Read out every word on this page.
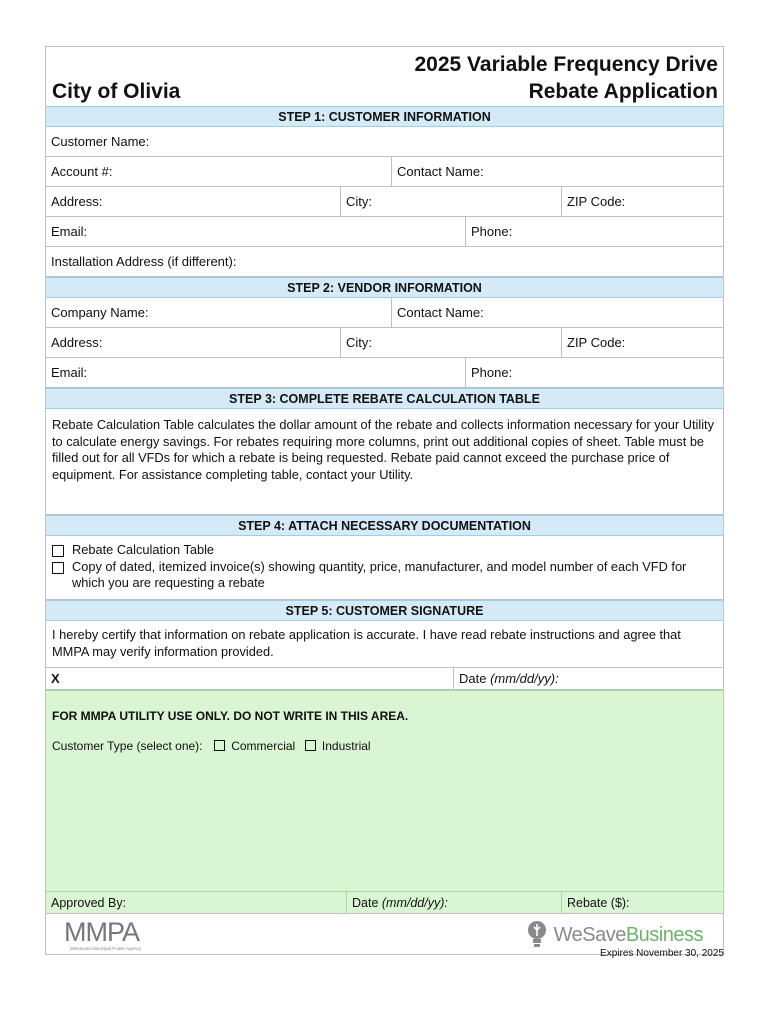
City of Olivia
2025 Variable Frequency Drive
Rebate Application
STEP 1: CUSTOMER INFORMATION
Customer Name:
Account #:	Contact Name:
Address:	City:	ZIP Code:
Email:	Phone:
Installation Address (if different):
STEP 2: VENDOR INFORMATION
Company Name:	Contact Name:
Address:	City:	ZIP Code:
Email:	Phone:
STEP 3: COMPLETE REBATE CALCULATION TABLE
Rebate Calculation Table calculates the dollar amount of the rebate and collects information necessary for your Utility to calculate energy savings. For rebates requiring more columns, print out additional copies of sheet. Table must be filled out for all VFDs for which a rebate is being requested. Rebate paid cannot exceed the purchase price of equipment. For assistance completing table, contact your Utility.
STEP 4: ATTACH NECESSARY DOCUMENTATION
Rebate Calculation Table
Copy of dated, itemized invoice(s) showing quantity, price, manufacturer, and model number of each VFD for which you are requesting a rebate
STEP 5: CUSTOMER SIGNATURE
I hereby certify that information on rebate application is accurate. I have read rebate instructions and agree that MMPA may verify information provided.
X	Date (mm/dd/yy):
FOR MMPA UTILITY USE ONLY. DO NOT WRITE IN THIS AREA.
Customer Type (select one): Commercial Industrial
Approved By:	Date (mm/dd/yy):	Rebate ($):
MMPA
Minnesota Municipal Power Agency
WeSaveBusiness
Expires November 30, 2025
